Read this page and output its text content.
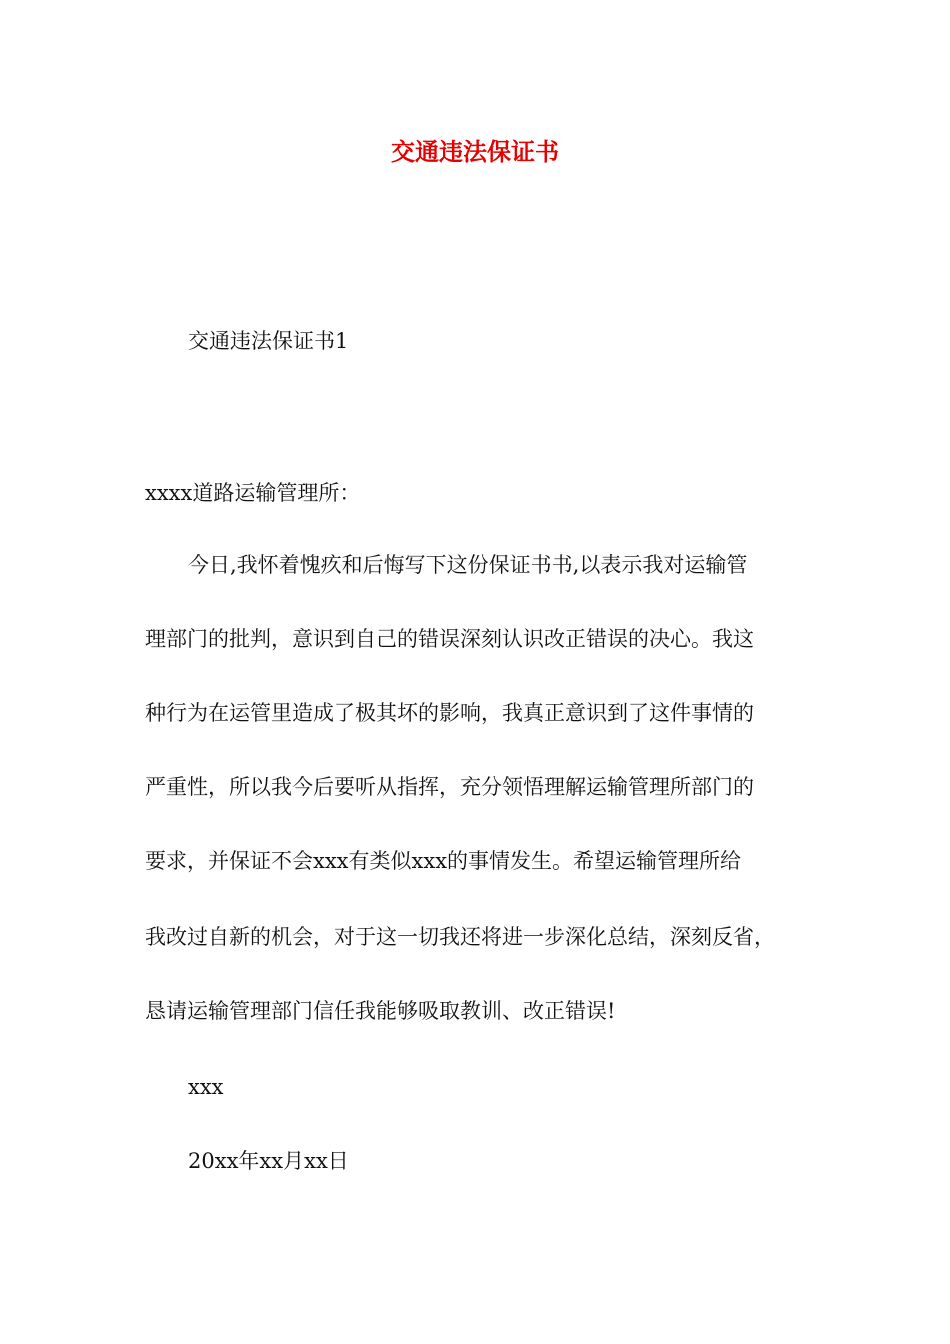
交通违法保证书
交通违法保证书1
xxxx道路运输管理所：
今日,我怀着愧疚和后悔写下这份保证书书,以表示我对运输管
理部门的批判，意识到自己的错误深刻认识改正错误的决心。我这
种行为在运管里造成了极其坏的影响，我真正意识到了这件事情的
严重性，所以我今后要听从指挥，充分领悟理解运输管理所部门的
要求，并保证不会xxx有类似xxx的事情发生。希望运输管理所给
我改过自新的机会，对于这一切我还将进一步深化总结，深刻反省，
恳请运输管理部门信任我能够吸取教训、改正错误!
xxx
20xx年xx月xx日
